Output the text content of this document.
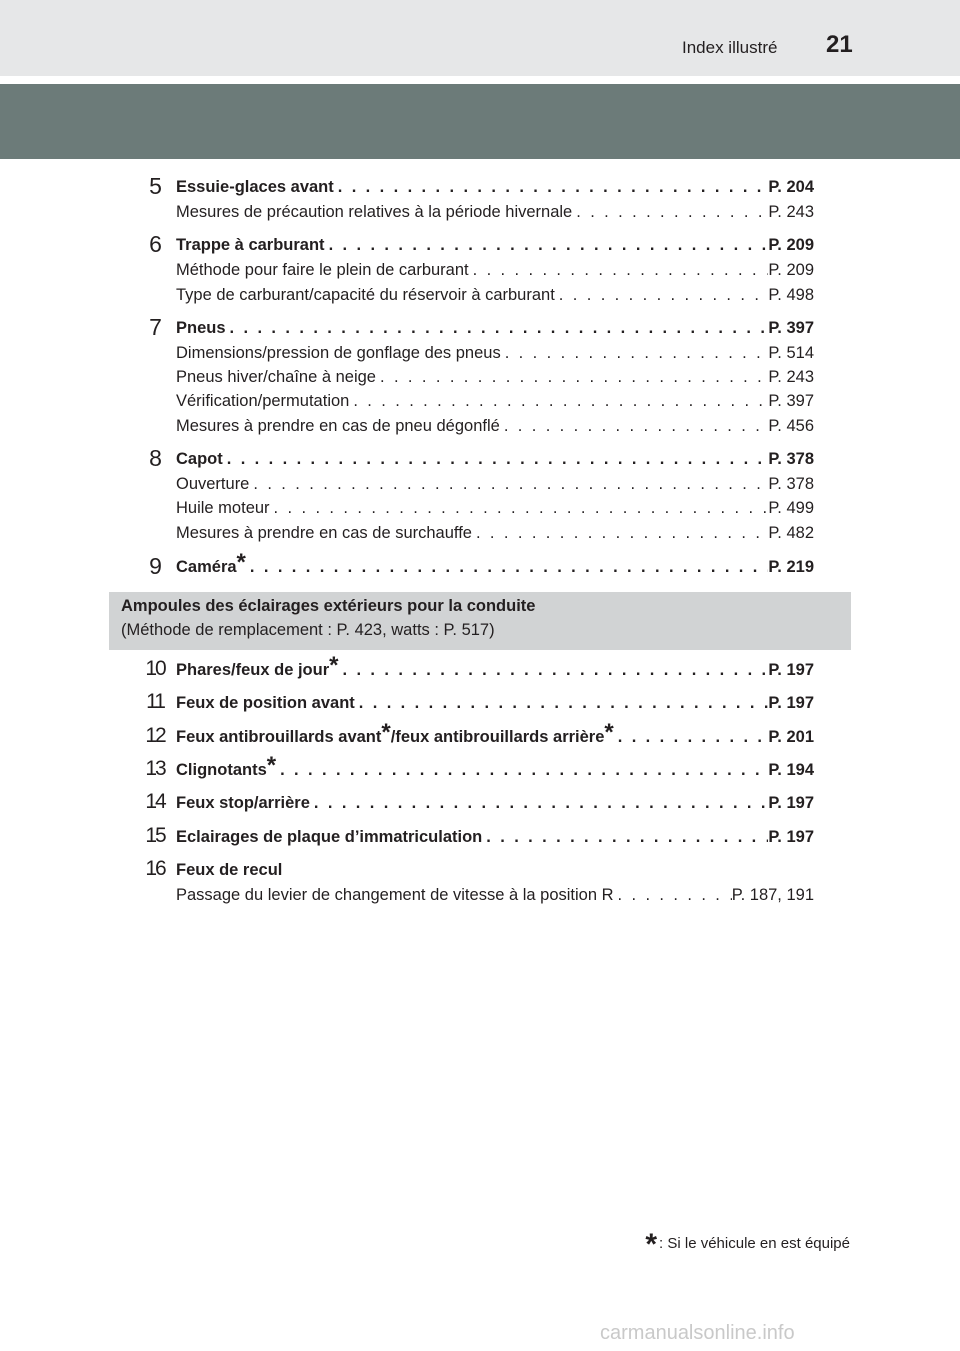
Index illustré 21
5 Essuie-glaces avant . . .	P. 204
Mesures de précaution relatives à la période hivernale . . .	P. 243
6 Trappe à carburant . . .	P. 209
Méthode pour faire le plein de carburant . . .	P. 209
Type de carburant/capacité du réservoir à carburant . . .	P. 498
7 Pneus . . .	P. 397
Dimensions/pression de gonflage des pneus . . .	P. 514
Pneus hiver/chaîne à neige . . .	P. 243
Vérification/permutation . . .	P. 397
Mesures à prendre en cas de pneu dégonflé . . .	P. 456
8 Capot . . .	P. 378
Ouverture . . .	P. 378
Huile moteur . . .	P. 499
Mesures à prendre en cas de surchauffe . . .	P. 482
9 Caméra* . . .	P. 219
Ampoules des éclairages extérieurs pour la conduite
(Méthode de remplacement : P. 423, watts : P. 517)
10 Phares/feux de jour* . . .	P. 197
11 Feux de position avant . . .	P. 197
12 Feux antibrouillards avant*/feux antibrouillards arrière* . . .	P. 201
13 Clignotants* . . .	P. 194
14 Feux stop/arrière . . .	P. 197
15 Eclairages de plaque d’immatriculation . . .	P. 197
16 Feux de recul
Passage du levier de changement de vitesse à la position R . . .	P. 187, 191
* : Si le véhicule en est équipé
carmanualsonline.info
